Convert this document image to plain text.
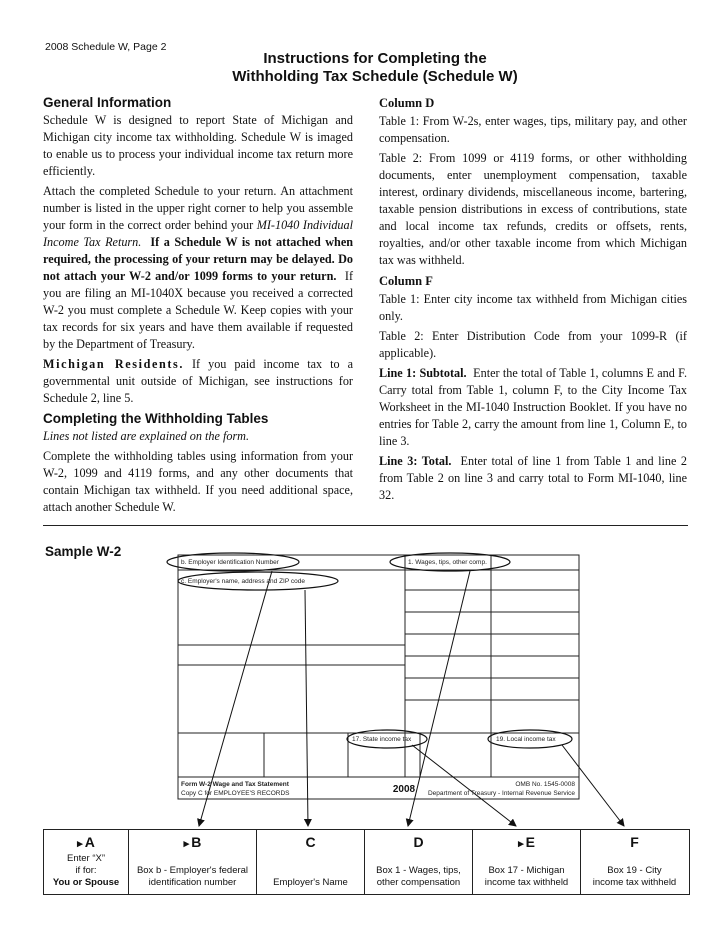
2008 Schedule W, Page 2
Instructions for Completing the
Withholding Tax Schedule (Schedule W)
General Information

Schedule W is designed to report State of Michigan and Michigan city income tax withholding. Schedule W is imaged to enable us to process your individual income tax return more efficiently.

Attach the completed Schedule to your return. An attachment number is listed in the upper right corner to help you assemble your form in the correct order behind your MI-1040 Individual Income Tax Return. If a Schedule W is not attached when required, the processing of your return may be delayed. Do not attach your W-2 and/or 1099 forms to your return. If you are filing an MI-1040X because you received a corrected W-2 you must complete a Schedule W. Keep copies with your tax records for six years and have them available if requested by the Department of Treasury.

Michigan Residents. If you paid income tax to a governmental unit outside of Michigan, see instructions for Schedule 2, line 5.

Completing the Withholding Tables

Lines not listed are explained on the form.

Complete the withholding tables using information from your W-2, 1099 and 4119 forms, and any other documents that contain Michigan tax withheld. If you need additional space, attach another Schedule W.

Column D

Table 1: From W-2s, enter wages, tips, military pay, and other compensation.

Table 2: From 1099 or 4119 forms, or other withholding documents, enter unemployment compensation, taxable interest, ordinary dividends, miscellaneous income, bartering, taxable pension distributions in excess of contributions, state and local income tax refunds, credits or offsets, rents, royalties, and/or other taxable income from which Michigan tax was withheld.

Column F

Table 1: Enter city income tax withheld from Michigan cities only.

Table 2: Enter Distribution Code from your 1099-R (if applicable).

Line 1: Subtotal. Enter the total of Table 1, columns E and F. Carry total from Table 1, column F, to the City Income Tax Worksheet in the MI-1040 Instruction Booklet. If you have no entries for Table 2, carry the amount from line 1, Column E, to line 3.

Line 3: Total. Enter total of line 1 from Table 1 and line 2 from Table 2 on line 3 and carry total to Form MI-1040, line 32.

Sample W-2
b. Employer Identification Number
c. Employer's name, address and ZIP code
1. Wages, tips, other comp.
17. State income tax	19. Local income tax
Form W-2 Wage and Tax Statement
Copy C for EMPLOYEE'S RECORDS
OMB No. 1545-0008
Department of Treasury - Internal Revenue Service
2008
▸ A
Enter “X”
if for:
You or Spouse
▸ B
Box b - Employer's federal
identification number
C
Employer's Name
D
Box 1 - Wages, tips,
other compensation
▸ E
Box 17 - Michigan
income tax withheld
F
Box 19 - City
income tax withheld
